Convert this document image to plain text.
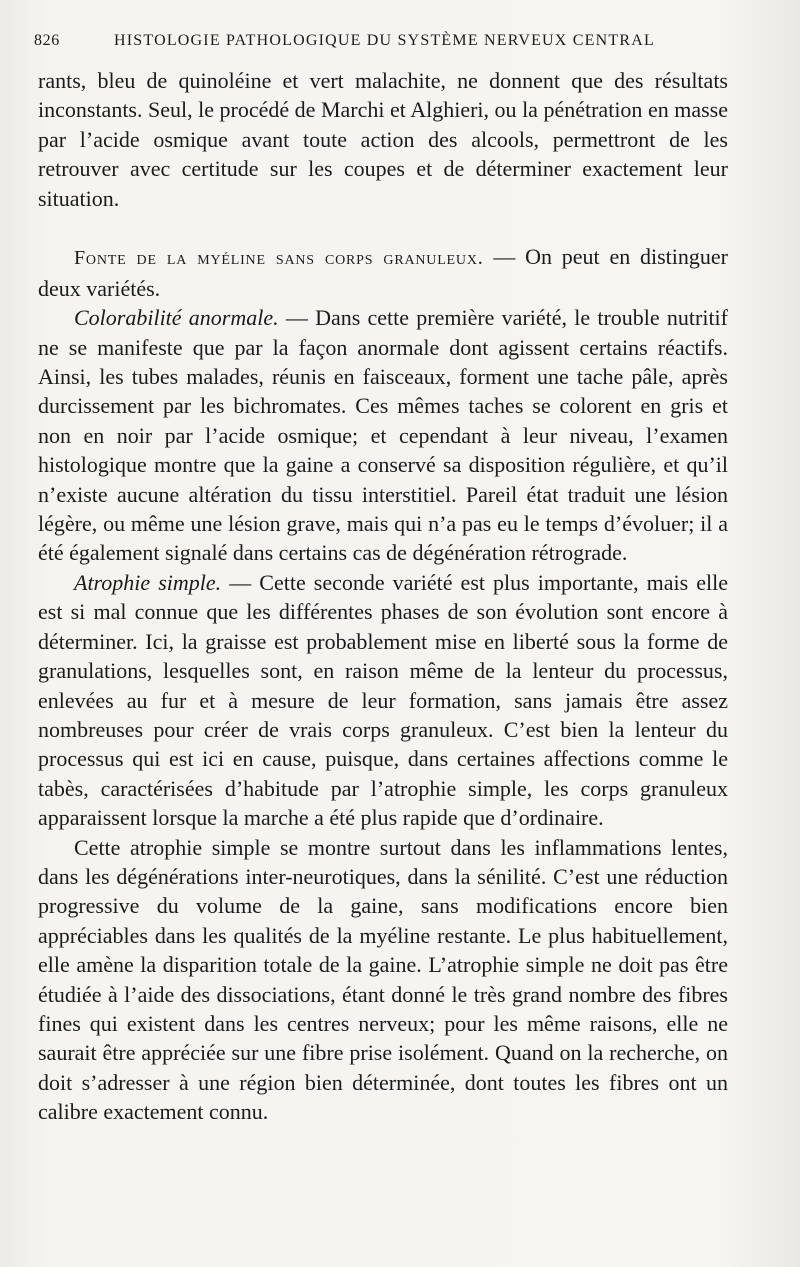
826	HISTOLOGIE PATHOLOGIQUE DU SYSTÈME NERVEUX CENTRAL

rants, bleu de quinoléine et vert malachite, ne donnent que des résultats inconstants. Seul, le procédé de Marchi et Alghieri, ou la pénétration en masse par l’acide osmique avant toute action des alcools, permettront de les retrouver avec certitude sur les coupes et de déterminer exactement leur situation.

Fonte de la myéline sans corps granuleux. — On peut en distinguer deux variétés.

Colorabilité anormale. — Dans cette première variété, le trouble nutritif ne se manifeste que par la façon anormale dont agissent certains réactifs. Ainsi, les tubes malades, réunis en faisceaux, forment une tache pâle, après durcissement par les bichromates. Ces mêmes taches se colorent en gris et non en noir par l’acide osmique; et cependant à leur niveau, l’examen histologique montre que la gaine a conservé sa disposition régulière, et qu’il n’existe aucune altération du tissu interstitiel. Pareil état traduit une lésion légère, ou même une lésion grave, mais qui n’a pas eu le temps d’évoluer; il a été également signalé dans certains cas de dégénération rétrograde.

Atrophie simple. — Cette seconde variété est plus importante, mais elle est si mal connue que les différentes phases de son évolution sont encore à déterminer. Ici, la graisse est probablement mise en liberté sous la forme de granulations, lesquelles sont, en raison même de la lenteur du processus, enlevées au fur et à mesure de leur formation, sans jamais être assez nombreuses pour créer de vrais corps granuleux. C’est bien la lenteur du processus qui est ici en cause, puisque, dans certaines affections comme le tabès, caractérisées d’habitude par l’atrophie simple, les corps granuleux apparaissent lorsque la marche a été plus rapide que d’ordinaire.

Cette atrophie simple se montre surtout dans les inflammations lentes, dans les dégénérations inter-neurotiques, dans la sénilité. C’est une réduction progressive du volume de la gaine, sans modifications encore bien appréciables dans les qualités de la myéline restante. Le plus habituellement, elle amène la disparition totale de la gaine. L’atrophie simple ne doit pas être étudiée à l’aide des dissociations, étant donné le très grand nombre des fibres fines qui existent dans les centres nerveux; pour les même raisons, elle ne saurait être appréciée sur une fibre prise isolément. Quand on la recherche, on doit s’adresser à une région bien déterminée, dont toutes les fibres ont un calibre exactement connu.
